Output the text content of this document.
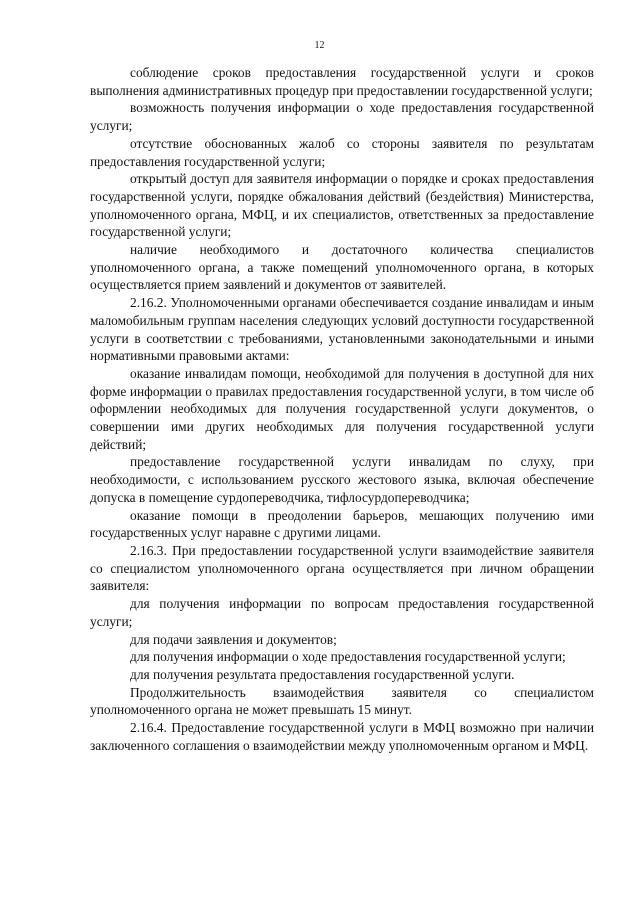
12

соблюдение сроков предоставления государственной услуги и сроков выполнения административных процедур при предоставлении государственной услуги;

возможность получения информации о ходе предоставления государственной услуги;

отсутствие обоснованных жалоб со стороны заявителя по результатам предоставления государственной услуги;

открытый доступ для заявителя информации о порядке и сроках предоставления государственной услуги, порядке обжалования действий (бездействия) Министерства, уполномоченного органа, МФЦ, и их специалистов, ответственных за предоставление государственной услуги;

наличие необходимого и достаточного количества специалистов уполномоченного органа, а также помещений уполномоченного органа, в которых осуществляется прием заявлений и документов от заявителей.

2.16.2. Уполномоченными органами обеспечивается создание инвалидам и иным маломобильным группам населения следующих условий доступности государственной услуги в соответствии с требованиями, установленными законодательными и иными нормативными правовыми актами:

оказание инвалидам помощи, необходимой для получения в доступной для них форме информации о правилах предоставления государственной услуги, в том числе об оформлении необходимых для получения государственной услуги документов, о совершении ими других необходимых для получения государственной услуги действий;

предоставление государственной услуги инвалидам по слуху, при необходимости, с использованием русского жестового языка, включая обеспечение допуска в помещение сурдопереводчика, тифлосурдопереводчика;

оказание помощи в преодолении барьеров, мешающих получению ими государственных услуг наравне с другими лицами.

2.16.3. При предоставлении государственной услуги взаимодействие заявителя со специалистом уполномоченного органа осуществляется при личном обращении заявителя:

для получения информации по вопросам предоставления государственной услуги;

для подачи заявления и документов;

для получения информации о ходе предоставления государственной услуги;

для получения результата предоставления государственной услуги.

Продолжительность взаимодействия заявителя со специалистом уполномоченного органа не может превышать 15 минут.

2.16.4. Предоставление государственной услуги в МФЦ возможно при наличии заключенного соглашения о взаимодействии между уполномоченным органом и МФЦ.
